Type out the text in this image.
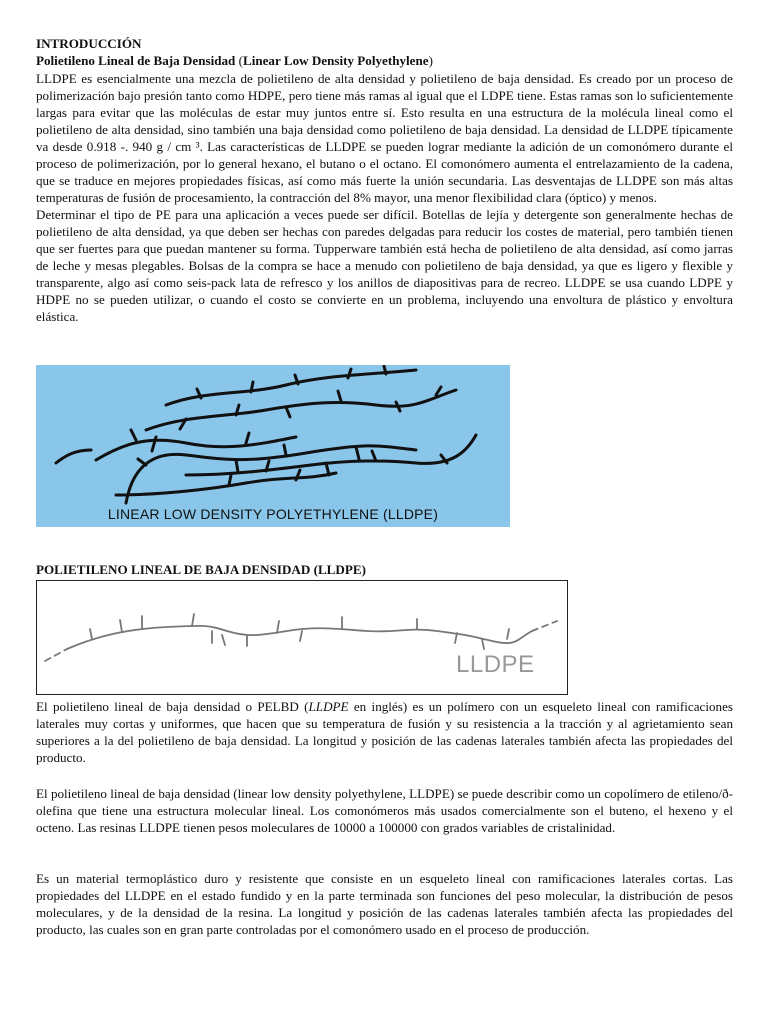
INTRODUCCIÓN
Polietileno Lineal de Baja Densidad (Linear Low Density Polyethylene)

LLDPE es esencialmente una mezcla de polietileno de alta densidad y polietileno de baja densidad. Es creado por un proceso de polimerización bajo presión tanto como HDPE, pero tiene más ramas al igual que el LDPE tiene. Estas ramas son lo suficientemente largas para evitar que las moléculas de estar muy juntos entre sí. Esto resulta en una estructura de la molécula lineal como el polietileno de alta densidad, sino también una baja densidad como polietileno de baja densidad. La densidad de LLDPE típicamente va desde 0.918 -. 940 g / cm ³. Las características de LLDPE se pueden lograr mediante la adición de un comonómero durante el proceso de polimerización, por lo general hexano, el butano o el octano. El comonómero aumenta el entrelazamiento de la cadena, que se traduce en mejores propiedades físicas, así como más fuerte la unión secundaria. Las desventajas de LLDPE son más altas temperaturas de fusión de procesamiento, la contracción del 8% mayor, una menor flexibilidad clara (óptico) y menos.

Determinar el tipo de PE para una aplicación a veces puede ser difícil. Botellas de lejía y detergente son generalmente hechas de polietileno de alta densidad, ya que deben ser hechas con paredes delgadas para reducir los costes de material, pero también tienen que ser fuertes para que puedan mantener su forma. Tupperware también está hecha de polietileno de alta densidad, así como jarras de leche y mesas plegables. Bolsas de la compra se hace a menudo con polietileno de baja densidad, ya que es ligero y flexible y transparente, algo así como seis-pack lata de refresco y los anillos de diapositivas para de recreo. LLDPE se usa cuando LDPE y HDPE no se pueden utilizar, o cuando el costo se convierte en un problema, incluyendo una envoltura de plástico y envoltura elástica.

LINEAR LOW DENSITY POLYETHYLENE (LLDPE)
POLIETILENO LINEAL DE BAJA DENSIDAD (LLDPE)
LLDPE

El polietileno lineal de baja densidad o PELBD (LLDPE en inglés) es un polímero con un esqueleto lineal con ramificaciones laterales muy cortas y uniformes, que hacen que su temperatura de fusión y su resistencia a la tracción y al agrietamiento sean superiores a la del polietileno de baja densidad. La longitud y posición de las cadenas laterales también afecta las propiedades del producto.

El polietileno lineal de baja densidad (linear low density polyethylene, LLDPE) se puede describir como un copolímero de etileno/ð-olefina que tiene una estructura molecular lineal. Los comonómeros más usados comercialmente son el buteno, el hexeno y el octeno. Las resinas LLDPE tienen pesos moleculares de 10000 a 100000 con grados variables de cristalinidad.
Es un material termoplástico duro y resistente que consiste en un esqueleto lineal con ramificaciones laterales cortas. Las propiedades del LLDPE en el estado fundido y en la parte terminada son funciones del peso molecular, la distribución de pesos moleculares, y de la densidad de la resina. La longitud y posición de las cadenas laterales también afecta las propiedades del producto, las cuales son en gran parte controladas por el comonómero usado en el proceso de producción.
